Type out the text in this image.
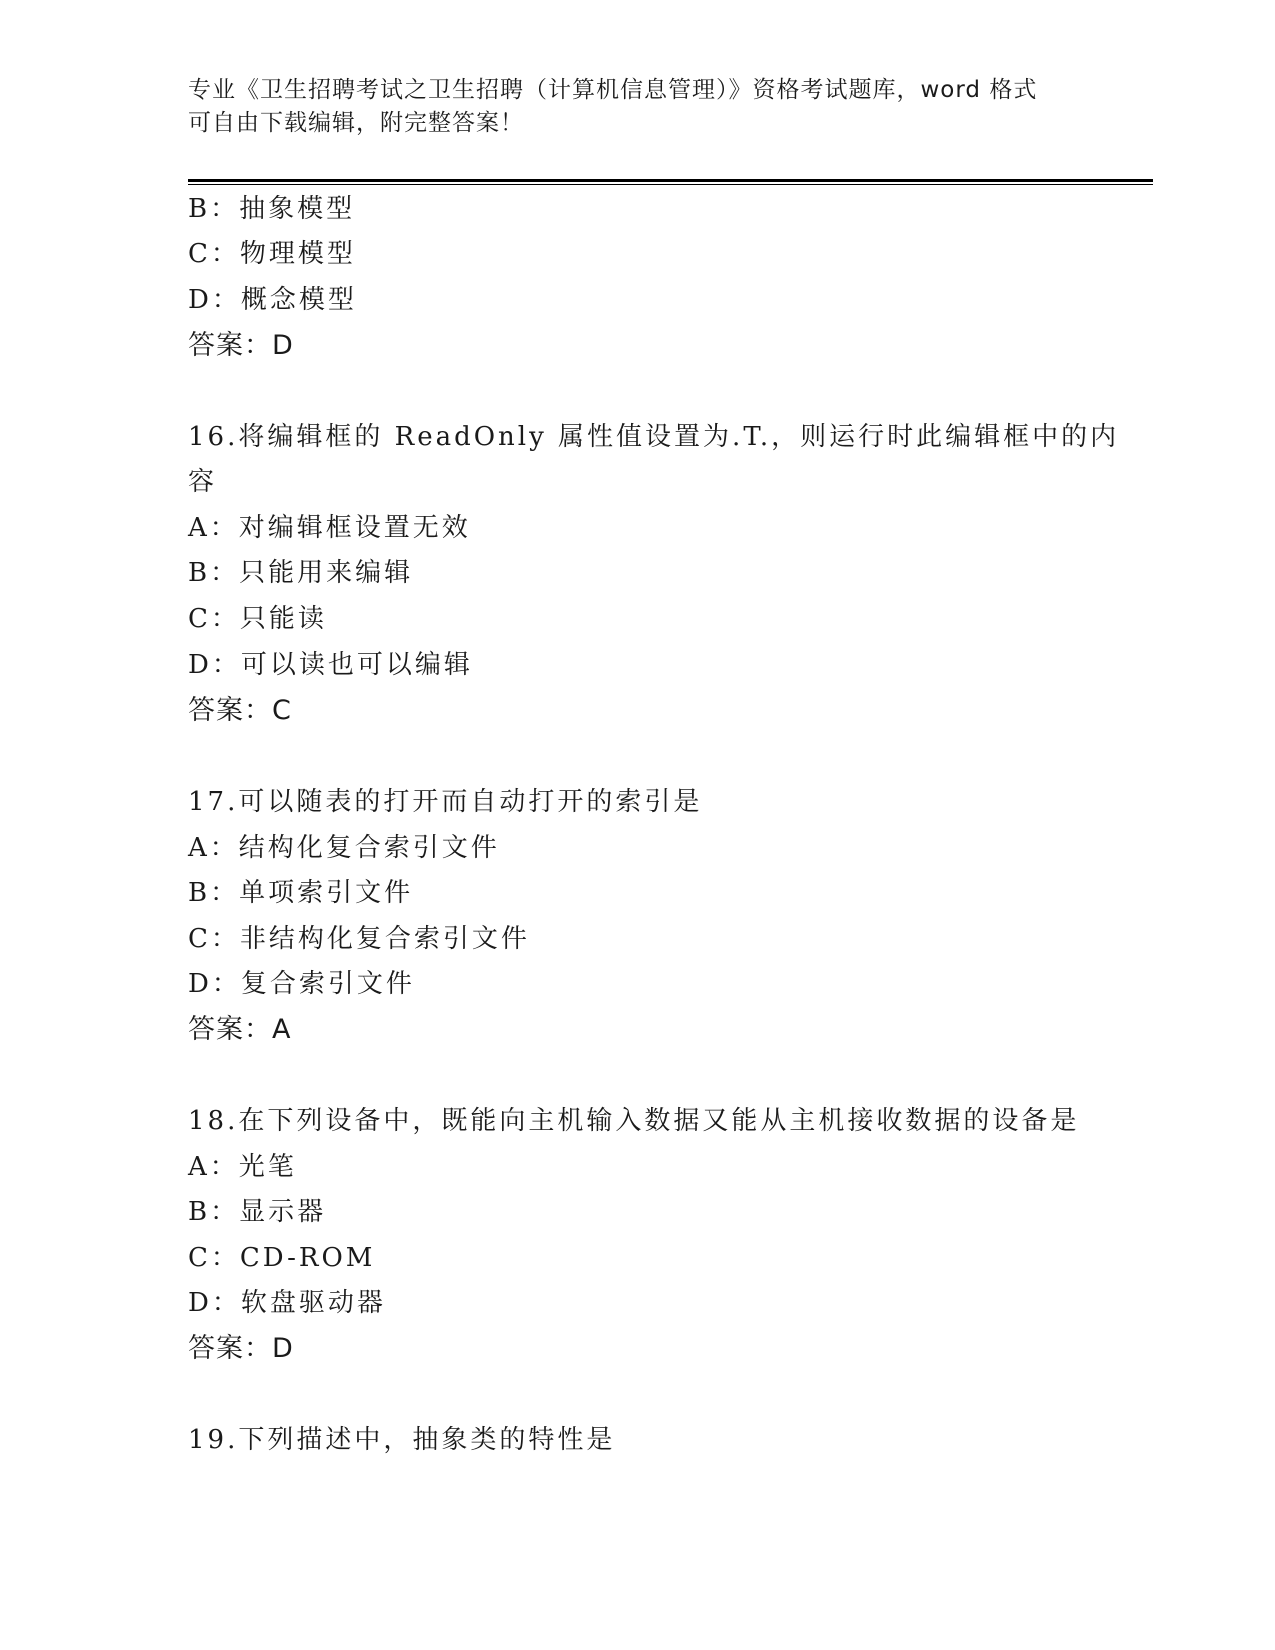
专业《卫生招聘考试之卫生招聘（计算机信息管理）》资格考试题库，word 格式
可自由下载编辑，附完整答案！
B：抽象模型
C：物理模型
D：概念模型
答案：D
16.将编辑框的 ReadOnly 属性值设置为.T.，则运行时此编辑框中的内
容
A：对编辑框设置无效
B：只能用来编辑
C：只能读
D：可以读也可以编辑
答案：C
17.可以随表的打开而自动打开的索引是
A：结构化复合索引文件
B：单项索引文件
C：非结构化复合索引文件
D：复合索引文件
答案：A
18.在下列设备中，既能向主机输入数据又能从主机接收数据的设备是
A：光笔
B：显示器
C：CD-ROM
D：软盘驱动器
答案：D
19.下列描述中，抽象类的特性是
